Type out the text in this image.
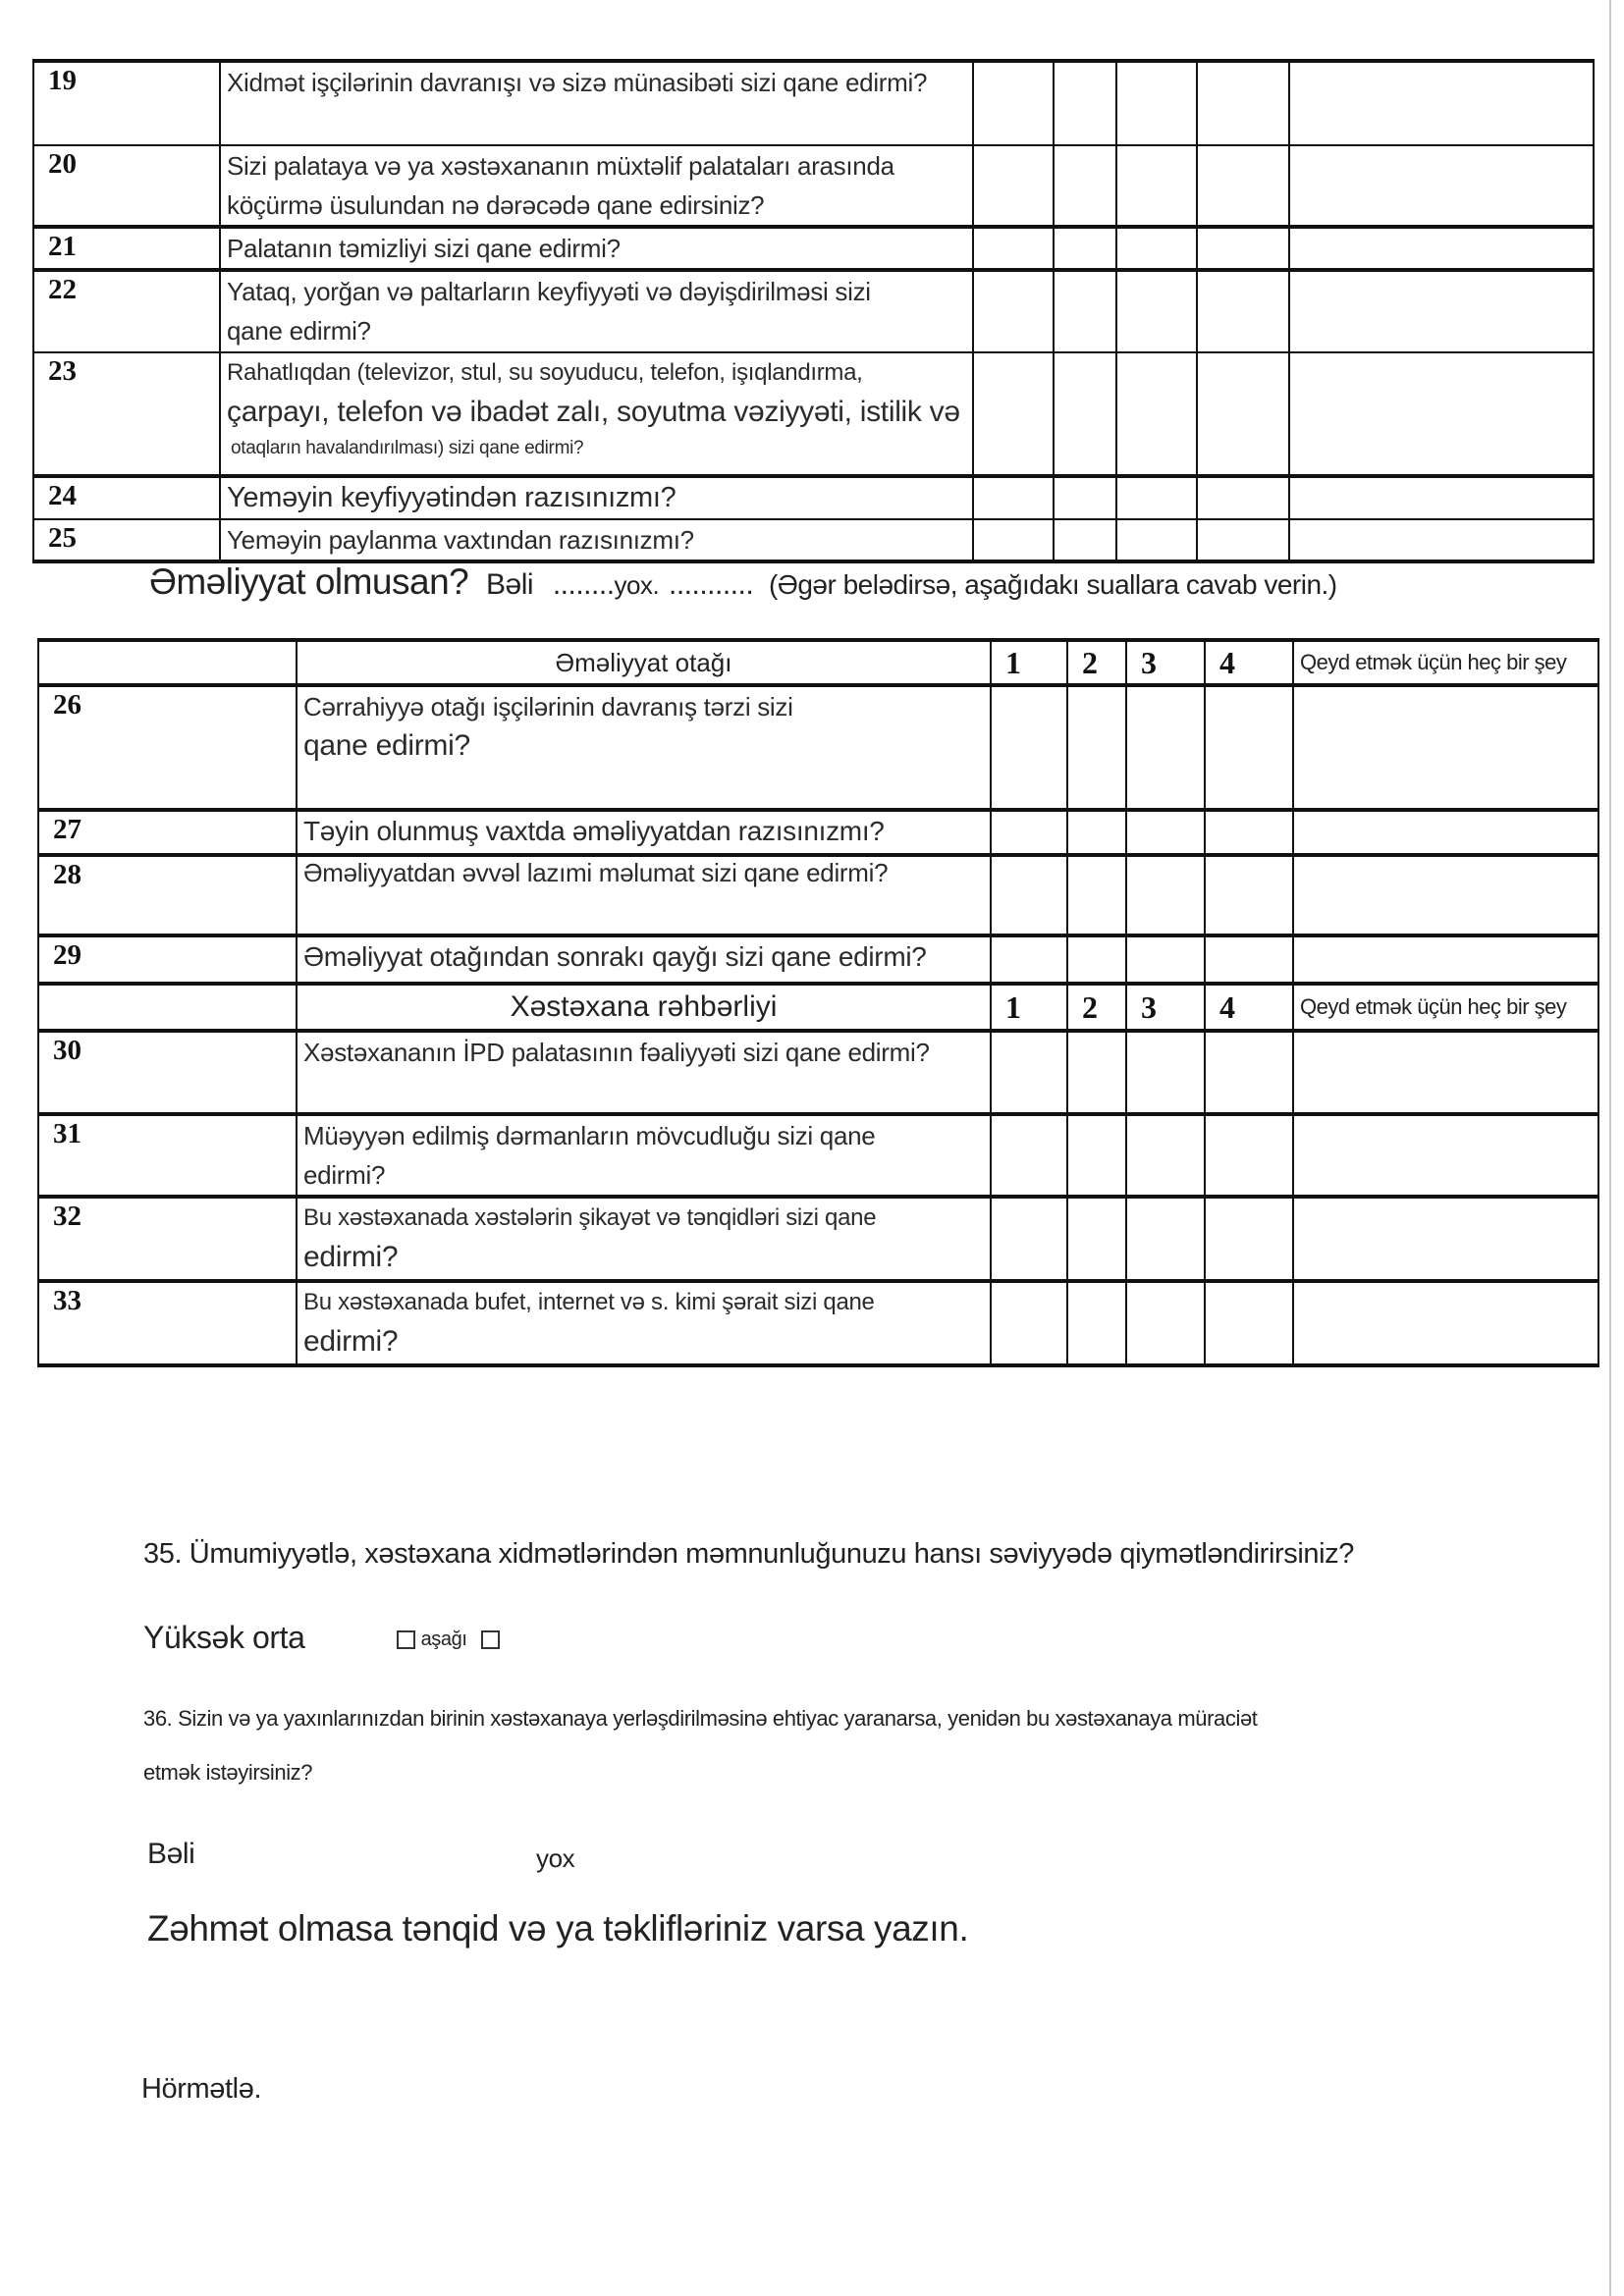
19	Xidmət işçilərinin davranışı və sizə münasibəti sizi qane edirmi?					
20	Sizi palataya və ya xəstəxananın müxtəlif palataları arasında
köçürmə üsulundan nə dərəcədə qane edirsiniz?					
21	Palatanın təmizliyi sizi qane edirmi?					
22	Yataq, yorğan və paltarların keyfiyyəti və dəyişdirilməsi sizi
qane edirmi?					
23	Rahatlıqdan (televizor, stul, su soyuducu, telefon, işıqlandırma,
çarpayı, telefon və ibadət zalı, soyutma vəziyyəti, istilik və
otaqların havalandırılması) sizi qane edirmi?					

24	Yeməyin keyfiyyətindən razısınızmı?					
25	Yeməyin paylanma vaxtından razısınızmı?					
Əməliyyat olmusan? Bəli ........yox. ........... (Əgər belədirsə, aşağıdakı suallara cavab verin.)
	Əməliyyat otağı	1	2	3	4	Qeyd etmək üçün heç bir şey
26	Cərrahiyyə otağı işçilərinin davranış tərzi sizi
qane edirmi?					
27	Təyin olunmuş vaxtda əməliyyatdan razısınızmı?					
28	Əməliyyatdan əvvəl lazımi məlumat sizi qane edirmi?					
29	Əməliyyat otağından sonrakı qayğı sizi qane edirmi?					
	Xəstəxana rəhbərliyi	1	2	3	4	Qeyd etmək üçün heç bir şey
30	Xəstəxananın İPD palatasının fəaliyyəti sizi qane edirmi?					
31	Müəyyən edilmiş dərmanların mövcudluğu sizi qane
edirmi?					
32	Bu xəstəxanada xəstələrin şikayət və tənqidləri sizi qane
edirmi?					
33	Bu xəstəxanada bufet, internet və s. kimi şərait sizi qane
edirmi?					
35. Ümumiyyətlə, xəstəxana xidmətlərindən məmnunluğunuzu hansı səviyyədə qiymətləndirirsiniz?
Yüksək orta	aşağı
36. Sizin və ya yaxınlarınızdan birinin xəstəxanaya yerləşdirilməsinə ehtiyac yaranarsa, yenidən bu xəstəxanaya müraciət
etmək istəyirsiniz?
Bəli	yox
Zəhmət olmasa tənqid və ya təklifləriniz varsa yazın.
Hörmətlə.
